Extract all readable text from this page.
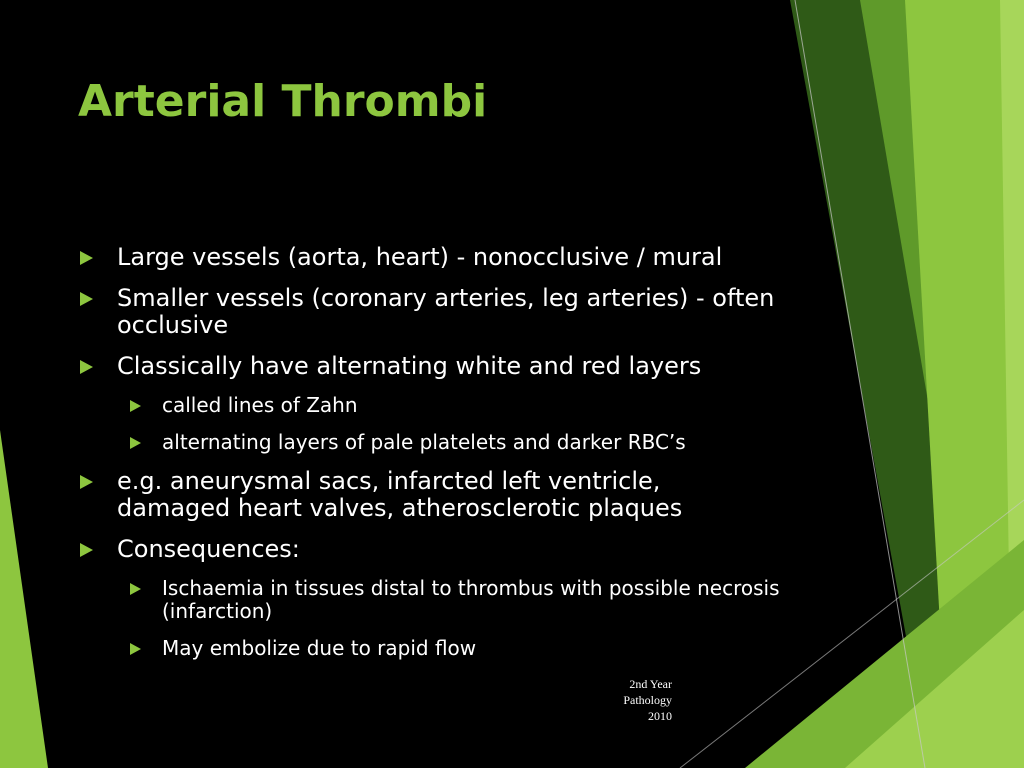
Arterial Thrombi
Large vessels (aorta, heart) - nonocclusive / mural
Smaller vessels (coronary arteries, leg arteries) - often occlusive
Classically have alternating white and red layers
called lines of Zahn
alternating layers of pale platelets and darker RBC’s
e.g. aneurysmal sacs, infarcted left ventricle, damaged heart valves, atherosclerotic plaques
Consequences:
Ischaemia in tissues distal to thrombus with possible necrosis (infarction)
May embolize due to rapid flow
2nd Year
Pathology
2010
